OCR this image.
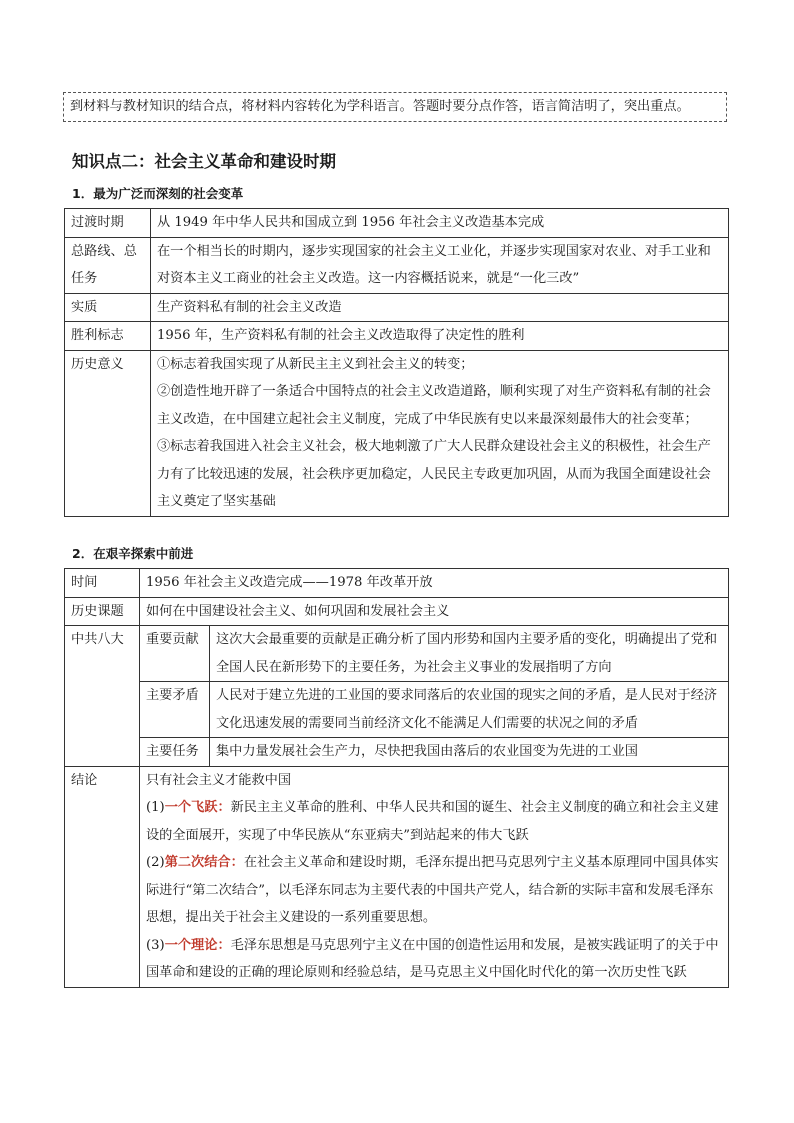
到材料与教材知识的结合点，将材料内容转化为学科语言。答题时要分点作答，语言简洁明了，突出重点。
知识点二：社会主义革命和建设时期
1．最为广泛而深刻的社会变革
过渡时期	从 1949 年中华人民共和国成立到 1956 年社会主义改造基本完成
总路线、总任务	在一个相当长的时期内，逐步实现国家的社会主义工业化，并逐步实现国家对农业、对手工业和对资本主义工商业的社会主义改造。这一内容概括说来，就是“一化三改”
实质	生产资料私有制的社会主义改造
胜利标志	1956 年，生产资料私有制的社会主义改造取得了决定性的胜利
历史意义	①标志着我国实现了从新民主主义到社会主义的转变；
②创造性地开辟了一条适合中国特点的社会主义改造道路，顺利实现了对生产资料私有制的社会主义改造，在中国建立起社会主义制度，完成了中华民族有史以来最深刻最伟大的社会变革；
③标志着我国进入社会主义社会，极大地刺激了广大人民群众建设社会主义的积极性，社会生产力有了比较迅速的发展，社会秩序更加稳定，人民民主专政更加巩固，从而为我国全面建设社会主义奠定了坚实基础
2．在艰辛探索中前进
时间	1956 年社会主义改造完成——1978 年改革开放	
历史课题	如何在中国建设社会主义、如何巩固和发展社会主义	
中共八大	重要贡献	这次大会最重要的贡献是正确分析了国内形势和国内主要矛盾的变化，明确提出了党和全国人民在新形势下的主要任务，为社会主义事业的发展指明了方向
	主要矛盾	人民对于建立先进的工业国的要求同落后的农业国的现实之间的矛盾，是人民对于经济文化迅速发展的需要同当前经济文化不能满足人们需要的状况之间的矛盾
	主要任务	集中力量发展社会生产力，尽快把我国由落后的农业国变为先进的工业国
结论	只有社会主义才能救中国
(1)一个飞跃：新民主主义革命的胜利、中华人民共和国的诞生、社会主义制度的确立和社会主义建设的全面展开，实现了中华民族从“东亚病夫”到站起来的伟大飞跃
(2)第二次结合：在社会主义革命和建设时期，毛泽东提出把马克思列宁主义基本原理同中国具体实际进行“第二次结合”，以毛泽东同志为主要代表的中国共产党人，结合新的实际丰富和发展毛泽东思想，提出关于社会主义建设的一系列重要思想。
(3)一个理论：毛泽东思想是马克思列宁主义在中国的创造性运用和发展，是被实践证明了的关于中国革命和建设的正确的理论原则和经验总结，是马克思主义中国化时代化的第一次历史性飞跃	
